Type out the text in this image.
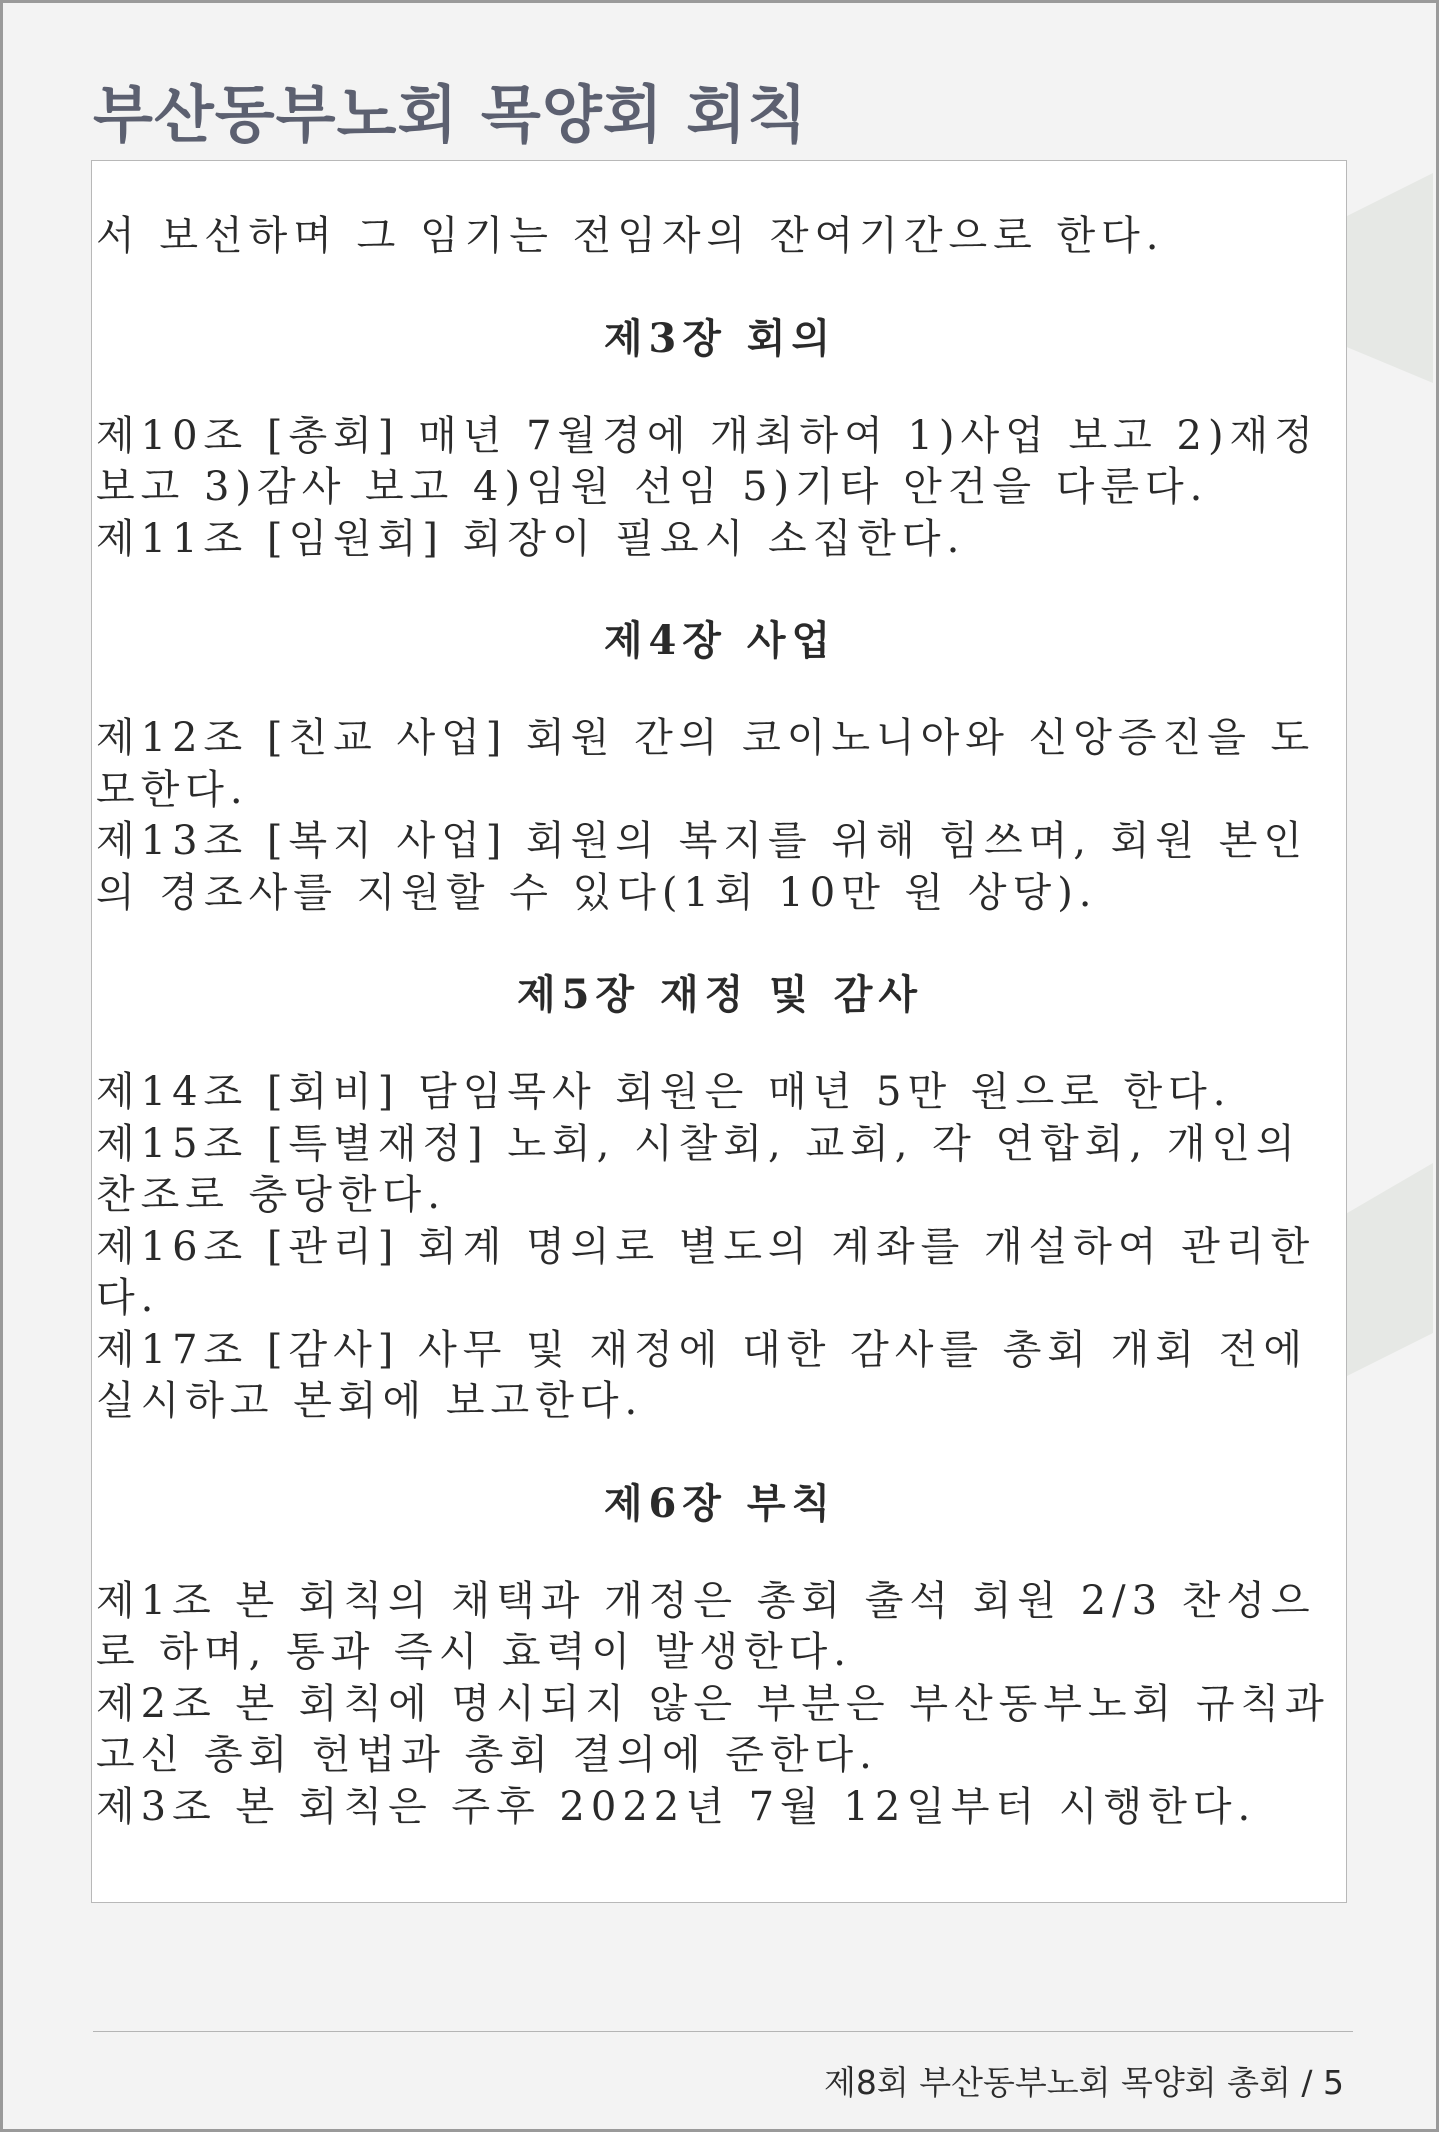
부산동부노회 목양회 회칙

서 보선하며 그 임기는 전임자의 잔여기간으로 한다.

제3장 회의

제10조 [총회] 매년 7월경에 개최하여 1)사업 보고 2)재정 보고 3)감사 보고 4)임원 선임 5)기타 안건을 다룬다.

제11조 [임원회] 회장이 필요시 소집한다.

제4장 사업

제12조 [친교 사업] 회원 간의 코이노니아와 신앙증진을 도모한다.

제13조 [복지 사업] 회원의 복지를 위해 힘쓰며, 회원 본인의 경조사를 지원할 수 있다(1회 10만 원 상당).

제5장 재정 및 감사

제14조 [회비] 담임목사 회원은 매년 5만 원으로 한다.

제15조 [특별재정] 노회, 시찰회, 교회, 각 연합회, 개인의 찬조로 충당한다.

제16조 [관리] 회계 명의로 별도의 계좌를 개설하여 관리한다.

제17조 [감사] 사무 및 재정에 대한 감사를 총회 개회 전에 실시하고 본회에 보고한다.

제6장 부칙

제1조 본 회칙의 채택과 개정은 총회 출석 회원 2/3 찬성으로 하며, 통과 즉시 효력이 발생한다.

제2조 본 회칙에 명시되지 않은 부분은 부산동부노회 규칙과 고신 총회 헌법과 총회 결의에 준한다.

제3조 본 회칙은 주후 2022년 7월 12일부터 시행한다.

제8회 부산동부노회 목양회 총회 / 5
